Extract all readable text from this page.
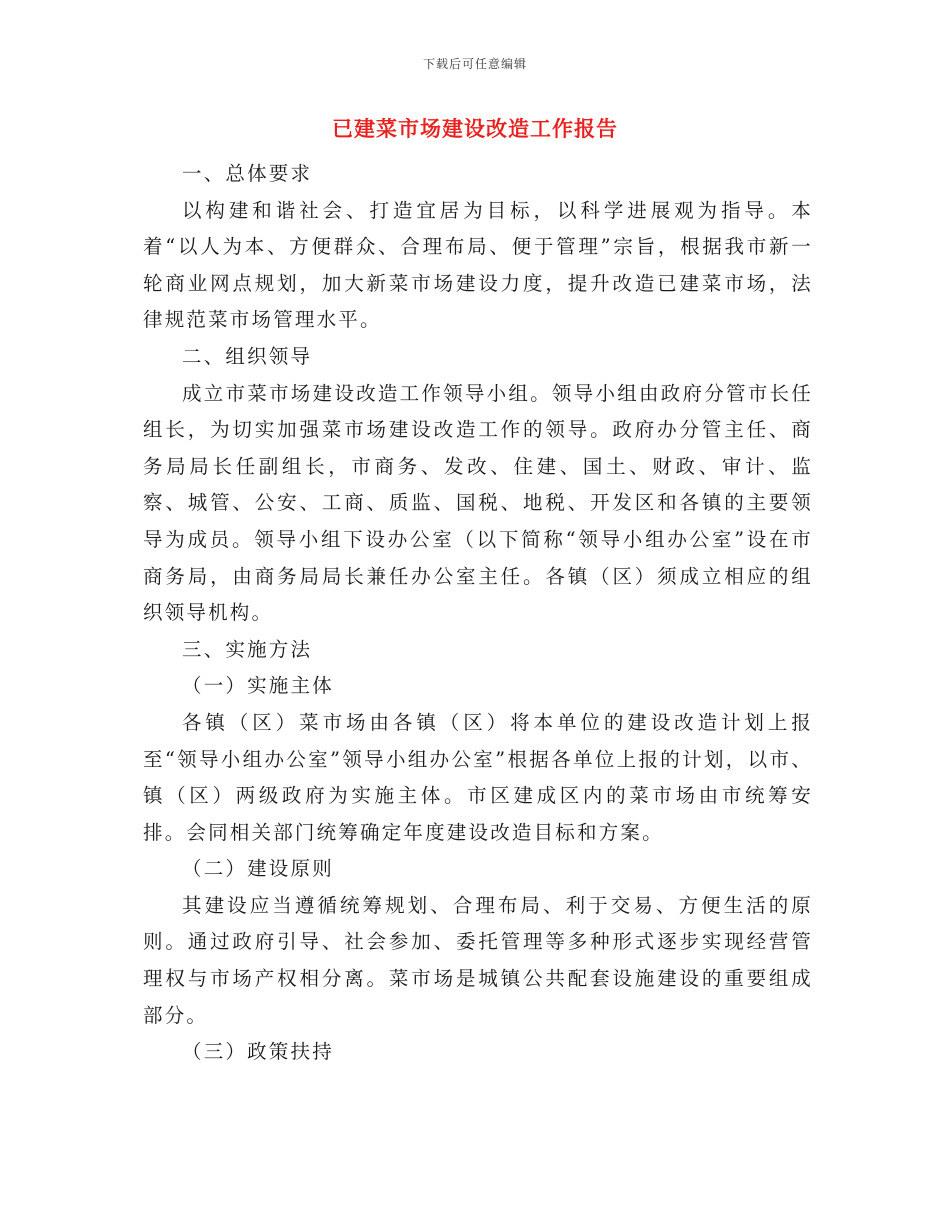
下载后可任意编辑
已建菜市场建设改造工作报告

一、总体要求

以构建和谐社会、打造宜居为目标，以科学进展观为指导。本着“以人为本、方便群众、合理布局、便于管理”宗旨，根据我市新一轮商业网点规划，加大新菜市场建设力度，提升改造已建菜市场，法律规范菜市场管理水平。

二、组织领导

成立市菜市场建设改造工作领导小组。领导小组由政府分管市长任组长，为切实加强菜市场建设改造工作的领导。政府办分管主任、商务局局长任副组长，市商务、发改、住建、国土、财政、审计、监察、城管、公安、工商、质监、国税、地税、开发区和各镇的主要领导为成员。领导小组下设办公室（以下简称“领导小组办公室”设在市商务局，由商务局局长兼任办公室主任。各镇（区）须成立相应的组织领导机构。

三、实施方法

（一）实施主体

各镇（区）菜市场由各镇（区）将本单位的建设改造计划上报至“领导小组办公室”领导小组办公室”根据各单位上报的计划，以市、镇（区）两级政府为实施主体。市区建成区内的菜市场由市统筹安排。会同相关部门统筹确定年度建设改造目标和方案。

（二）建设原则

其建设应当遵循统筹规划、合理布局、利于交易、方便生活的原则。通过政府引导、社会参加、委托管理等多种形式逐步实现经营管理权与市场产权相分离。菜市场是城镇公共配套设施建设的重要组成部分。

（三）政策扶持
